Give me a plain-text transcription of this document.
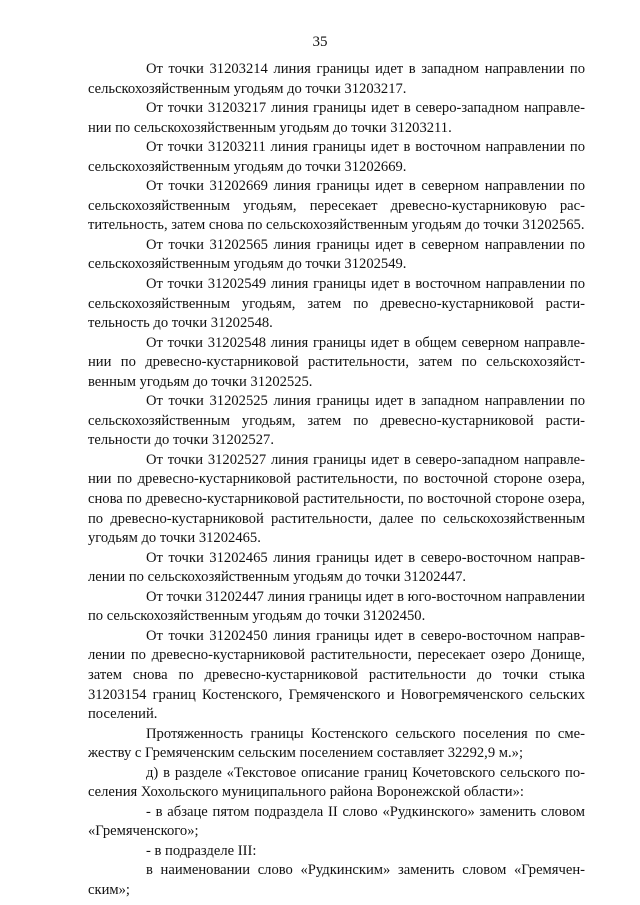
35

От точки 31203214 линия границы идет в западном направлении по сельскохозяйственным угодьям до точки 31203217.

От точки 31203217 линия границы идет в северо-западном направлении по сельскохозяйственным угодьям до точки 31203211.

От точки 31203211 линия границы идет в восточном направлении по сельскохозяйственным угодьям до точки 31202669.

От точки 31202669 линия границы идет в северном направлении по сельскохозяйственным угодьям, пересекает древесно-кустарниковую растительность, затем снова по сельскохозяйственным угодьям до точки 31202565.

От точки 31202565 линия границы идет в северном направлении по сельскохозяйственным угодьям до точки 31202549.

От точки 31202549 линия границы идет в восточном направлении по сельскохозяйственным угодьям, затем по древесно-кустарниковой растительность до точки 31202548.

От точки 31202548 линия границы идет в общем северном направлении по древесно-кустарниковой растительности, затем по сельскохозяйственным угодьям до точки 31202525.

От точки 31202525 линия границы идет в западном направлении по сельскохозяйственным угодьям, затем по древесно-кустарниковой растительности до точки 31202527.

От точки 31202527 линия границы идет в северо-западном направлении по древесно-кустарниковой растительности, по восточной стороне озера, снова по древесно-кустарниковой растительности, по восточной стороне озера, по древесно-кустарниковой растительности, далее по сельскохозяйственным угодьям до точки 31202465.

От точки 31202465 линия границы идет в северо-восточном направлении по сельскохозяйственным угодьям до точки 31202447.

От точки 31202447 линия границы идет в юго-восточном направлении по сельскохозяйственным угодьям до точки 31202450.

От точки 31202450 линия границы идет в северо-восточном направлении по древесно-кустарниковой растительности, пересекает озеро Донище, затем снова по древесно-кустарниковой растительности до точки стыка 31203154 границ Костенского, Гремяченского и Новогремяченского сельских поселений.

Протяженность границы Костенского сельского поселения по смежеству с Гремяченским сельским поселением составляет 32292,9 м.»;

д) в разделе «Текстовое описание границ Кочетовского сельского поселения Хохольского муниципального района Воронежской области»:

- в абзаце пятом подраздела II слово «Рудкинского» заменить словом «Гремяченского»;

- в подразделе III:

в наименовании слово «Рудкинским» заменить словом «Гремяченским»;
